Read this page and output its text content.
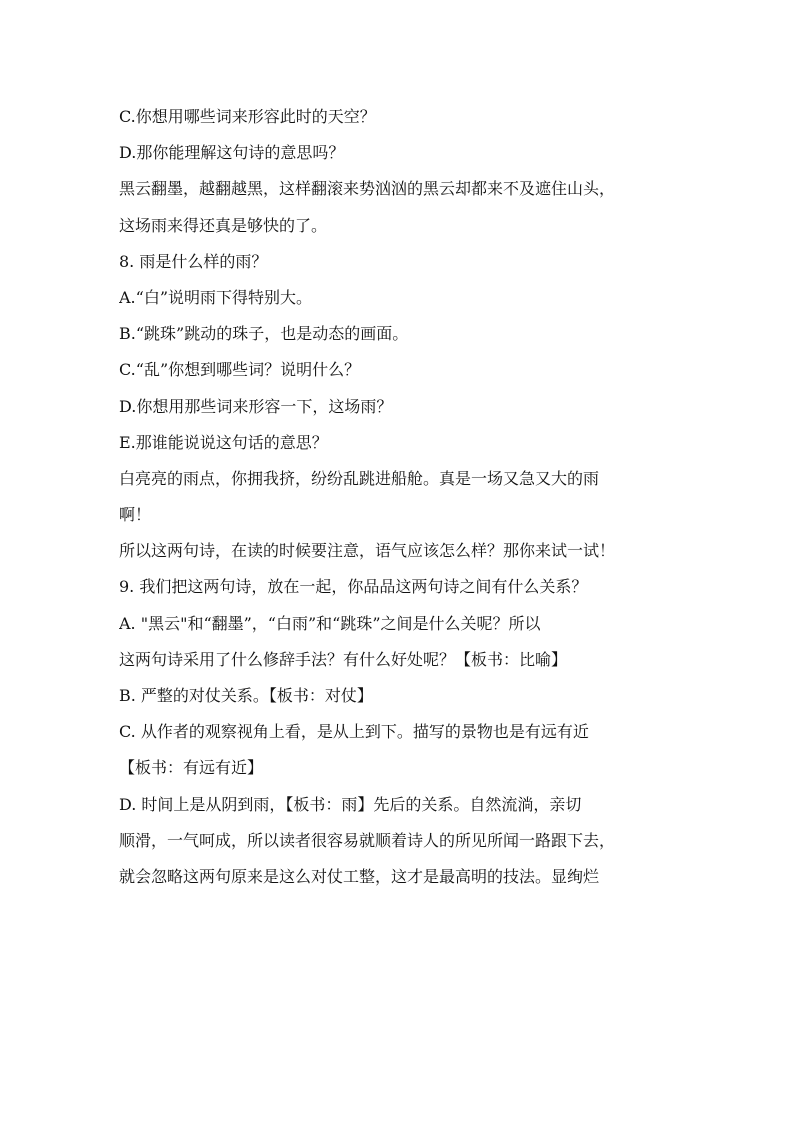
C.你想用哪些词来形容此时的天空？
D.那你能理解这句诗的意思吗？
黑云翻墨，越翻越黑，这样翻滚来势汹汹的黑云却都来不及遮住山头，
这场雨来得还真是够快的了。
8. 雨是什么样的雨？
A.“白”说明雨下得特别大。
B.“跳珠”跳动的珠子，也是动态的画面。
C.“乱”你想到哪些词？说明什么？
D.你想用那些词来形容一下，这场雨？
E.那谁能说说这句话的意思？
白亮亮的雨点，你拥我挤，纷纷乱跳进船舱。真是一场又急又大的雨
啊！
所以这两句诗，在读的时候要注意，语气应该怎么样？那你来试一试！
9. 我们把这两句诗，放在一起，你品品这两句诗之间有什么关系？
A. "黑云"和“翻墨”，“白雨”和“跳珠”之间是什么关呢？所以
这两句诗采用了什么修辞手法？有什么好处呢？【板书：比喻】
B. 严整的对仗关系。【板书：对仗】
C. 从作者的观察视角上看，是从上到下。描写的景物也是有远有近
【板书：有远有近】
D. 时间上是从阴到雨，【板书：雨】先后的关系。自然流淌，亲切
顺滑，一气呵成，所以读者很容易就顺着诗人的所见所闻一路跟下去，
就会忽略这两句原来是这么对仗工整，这才是最高明的技法。显绚烂
